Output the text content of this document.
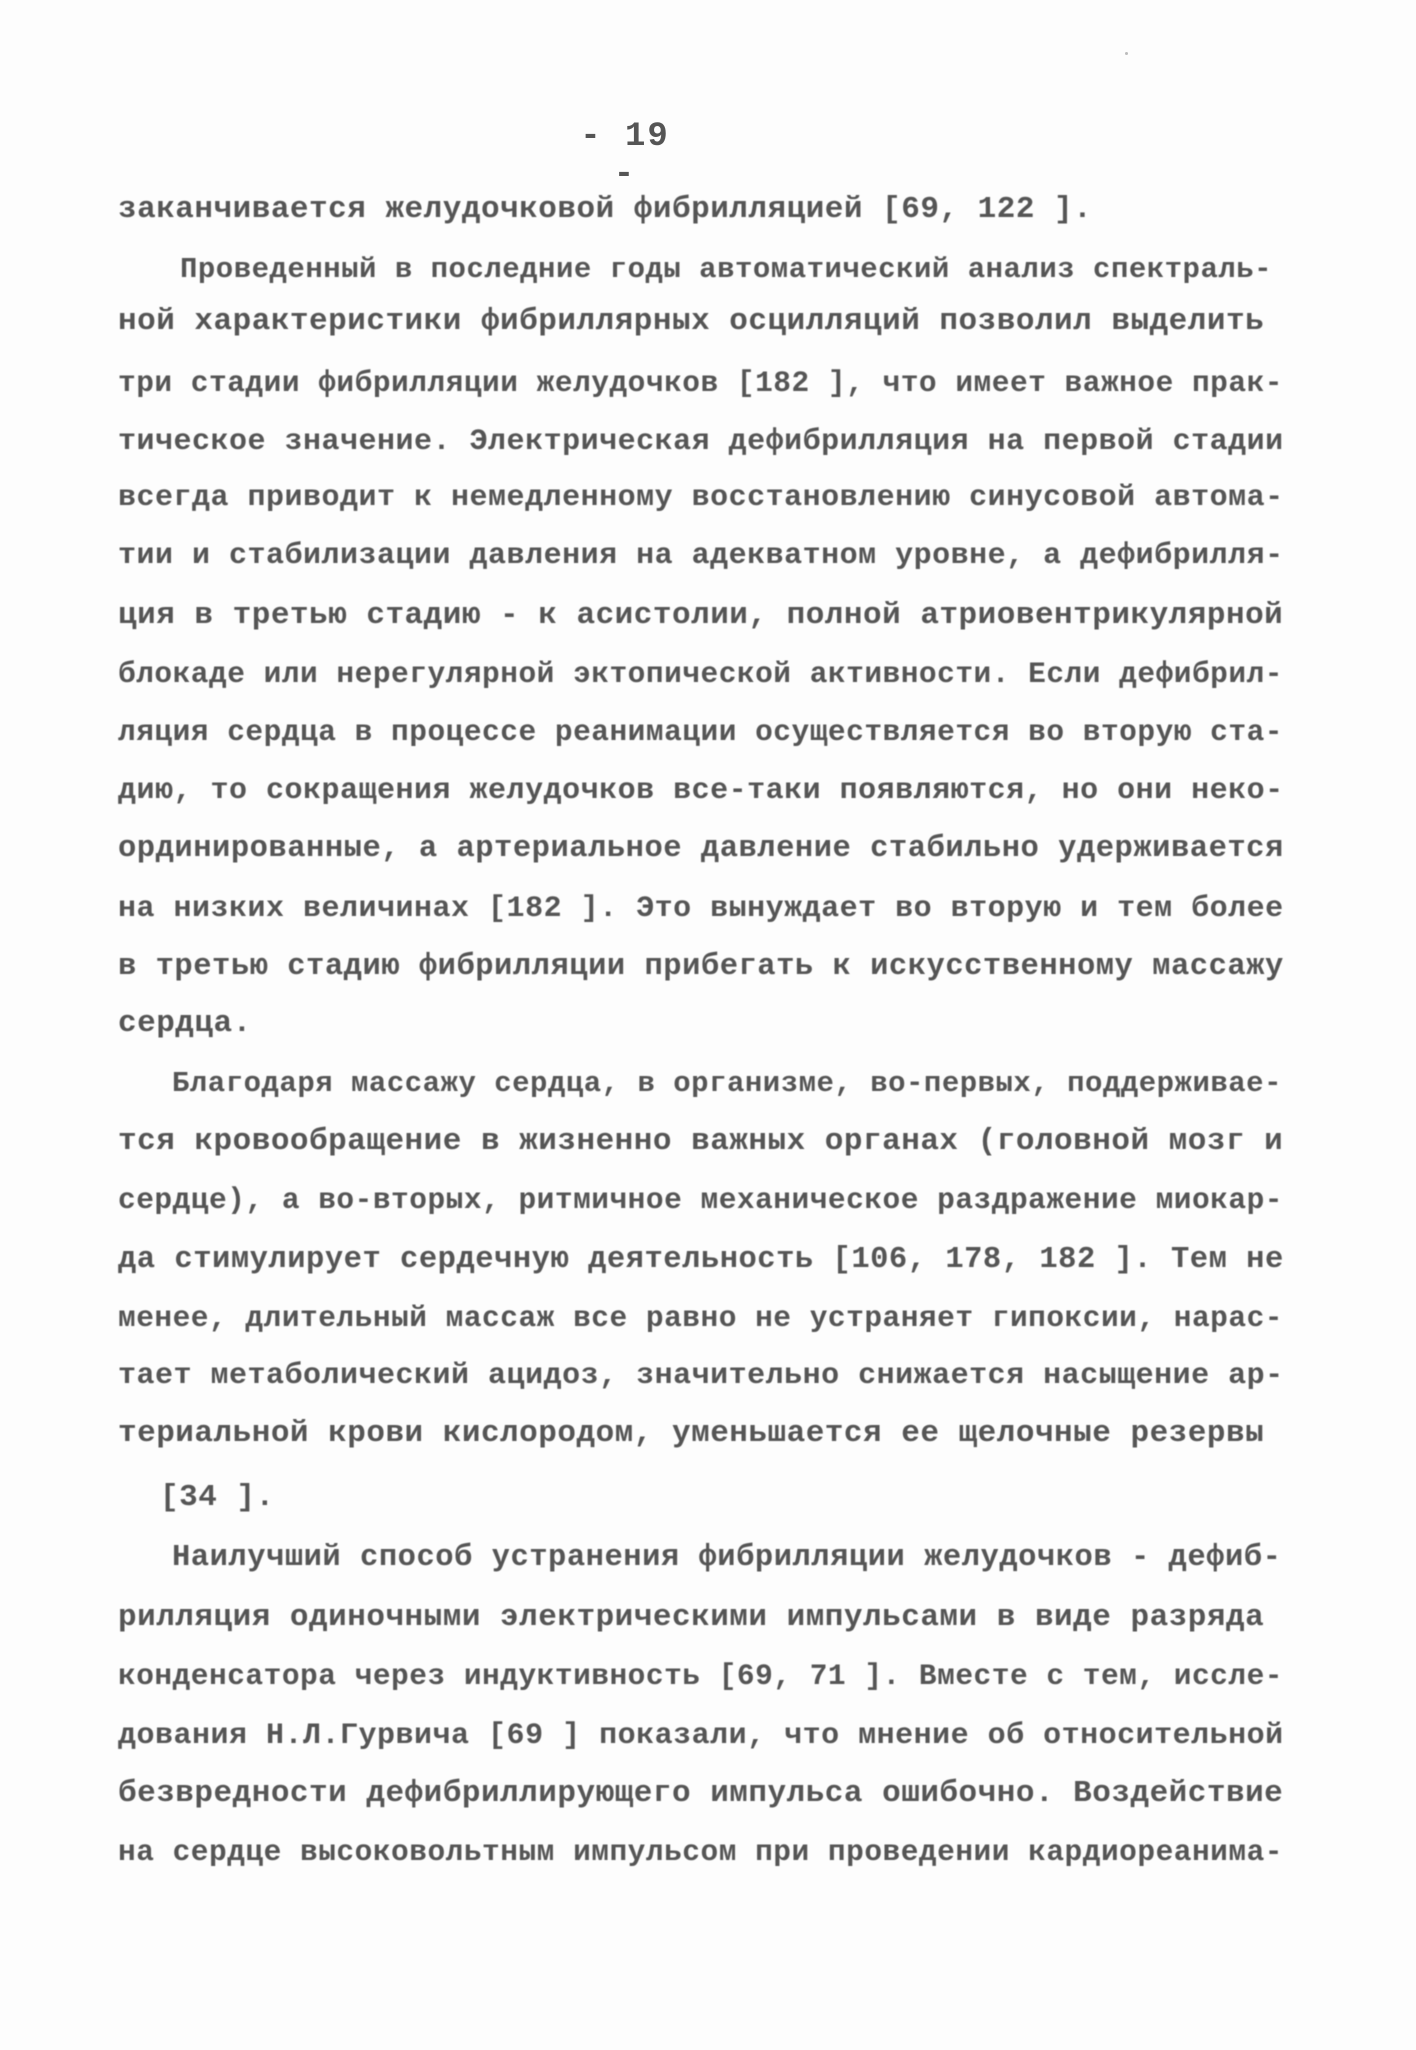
- 19 -
заканчивается желудочковой фибрилляцией [69, 122 ].
Проведенный в последние годы автоматический анализ спектраль-
ной характеристики фибриллярных осцилляций позволил выделить
три стадии фибрилляции желудочков [182 ], что имеет важное прак-
тическое значение. Электрическая дефибрилляция на первой стадии
всегда приводит к немедленному восстановлению синусовой автома-
тии и стабилизации давления на адекватном уровне, а дефибрилля-
ция в третью стадию - к асистолии, полной атриовентрикулярной
блокаде или нерегулярной эктопической активности. Если дефибрил-
ляция сердца в процессе реанимации осуществляется во вторую ста-
дию, то сокращения желудочков все-таки появляются, но они неко-
ординированные, а артериальное давление стабильно удерживается
на низких величинах [182 ]. Это вынуждает во вторую и тем более
в третью стадию фибрилляции прибегать к искусственному массажу
сердца.
Благодаря массажу сердца, в организме, во-первых, поддерживае-
тся кровообращение в жизненно важных органах (головной мозг и
сердце), а во-вторых, ритмичное механическое раздражение миокар-
да стимулирует сердечную деятельность [106, 178, 182 ]. Тем не
менее, длительный массаж все равно не устраняет гипоксии, нарас-
тает метаболический ацидоз, значительно снижается насыщение ар-
териальной крови кислородом, уменьшается ее щелочные резервы
[34 ].
Наилучший способ устранения фибрилляции желудочков - дефиб-
рилляция одиночными электрическими импульсами в виде разряда
конденсатора через индуктивность [69, 71 ]. Вместе с тем, иссле-
дования Н.Л.Гурвича [69 ] показали, что мнение об относительной
безвредности дефибриллирующего импульса ошибочно. Воздействие
на сердце высоковольтным импульсом при проведении кардиореанима-
